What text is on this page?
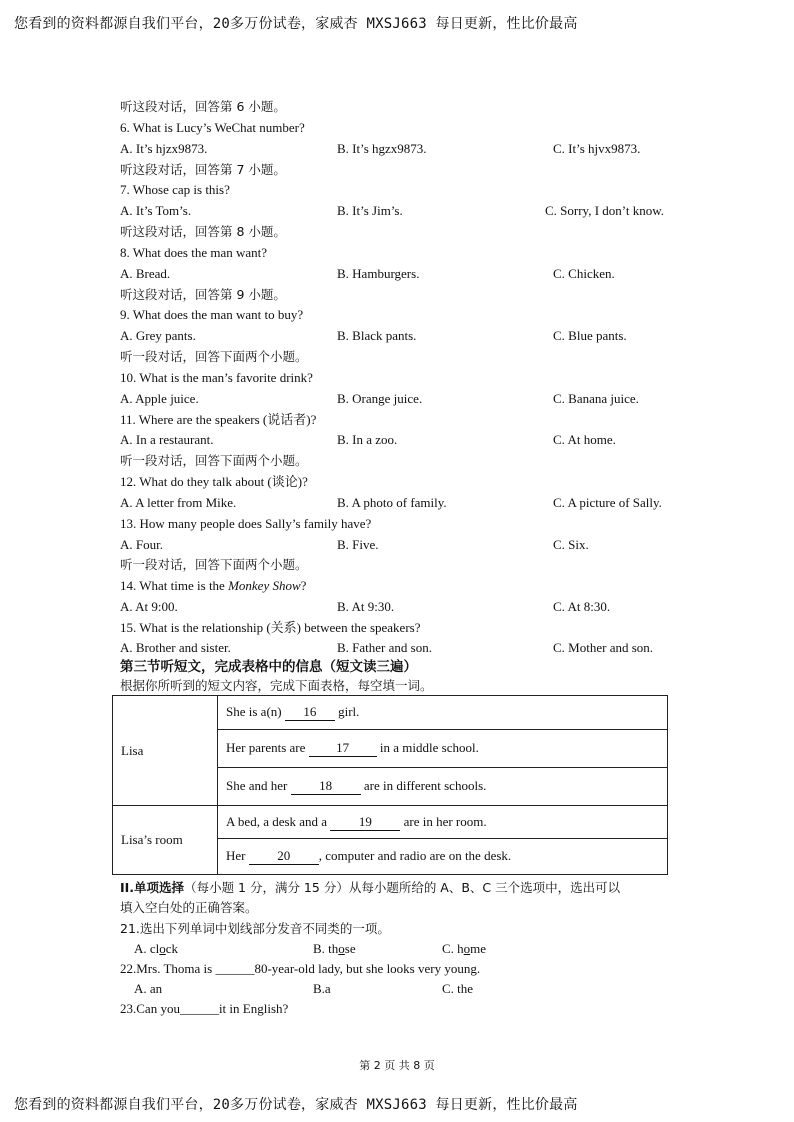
您看到的资料都源自我们平台，20多万份试卷，家威杏 MXSJ663 每日更新，性比价最高
听这段对话，回答第 6 小题。
6. What is Lucy’s WeChat number?
A. It’s hjzx9873.	B. It’s hgzx9873.	C. It’s hjvx9873.
听这段对话，回答第 7 小题。
7. Whose cap is this?
A. It’s Tom’s.	B. It’s Jim’s.	C. Sorry, I don’t know.
听这段对话，回答第 8 小题。
8. What does the man want?
A. Bread.	B. Hamburgers.	C. Chicken.
听这段对话，回答第 9 小题。
9. What does the man want to buy?
A. Grey pants.	B. Black pants.	C. Blue pants.
听一段对话，回答下面两个小题。
10. What is the man’s favorite drink?
A. Apple juice.	B. Orange juice.	C. Banana juice.
11. Where are the speakers (说话者)?
A. In a restaurant.	B. In a zoo.	C. At home.
听一段对话，回答下面两个小题。
12. What do they talk about (谈论)?
A. A letter from Mike.	B. A photo of family.	C. A picture of Sally.
13. How many people does Sally’s family have?
A. Four.	B. Five.	C. Six.
听一段对话，回答下面两个小题。
14. What time is the Monkey Show?
A. At 9:00.	B. At 9:30.	C. At 8:30.
15. What is the relationship (关系) between the speakers?
A. Brother and sister.	B. Father and son.	C. Mother and son.
第三节听短文，完成表格中的信息（短文读三遍）
根据你所听到的短文内容，完成下面表格，每空填一词。
Lisa	She is a(n) 16 girl.
	Her parents are 17 in a middle school.
	She and her 18 are in different schools.
Lisa’s room	A bed, a desk and a 19 are in her room.
	Her 20 , computer and radio are on the desk.
II.单项选择（每小题 1 分，满分 15 分）从每小题所给的 A、B、C 三个选项中，选出可以
填入空白处的正确答案。
21.选出下列单词中划线部分发音不同类的一项。
A. clock	B. those	C. home
22.Mrs. Thoma is ______80-year-old lady, but she looks very young.
A. an	B.a	C. the
23.Can you______it in English?
第 2 页 共 8 页
您看到的资料都源自我们平台，20多万份试卷，家威杏 MXSJ663 每日更新，性比价最高
